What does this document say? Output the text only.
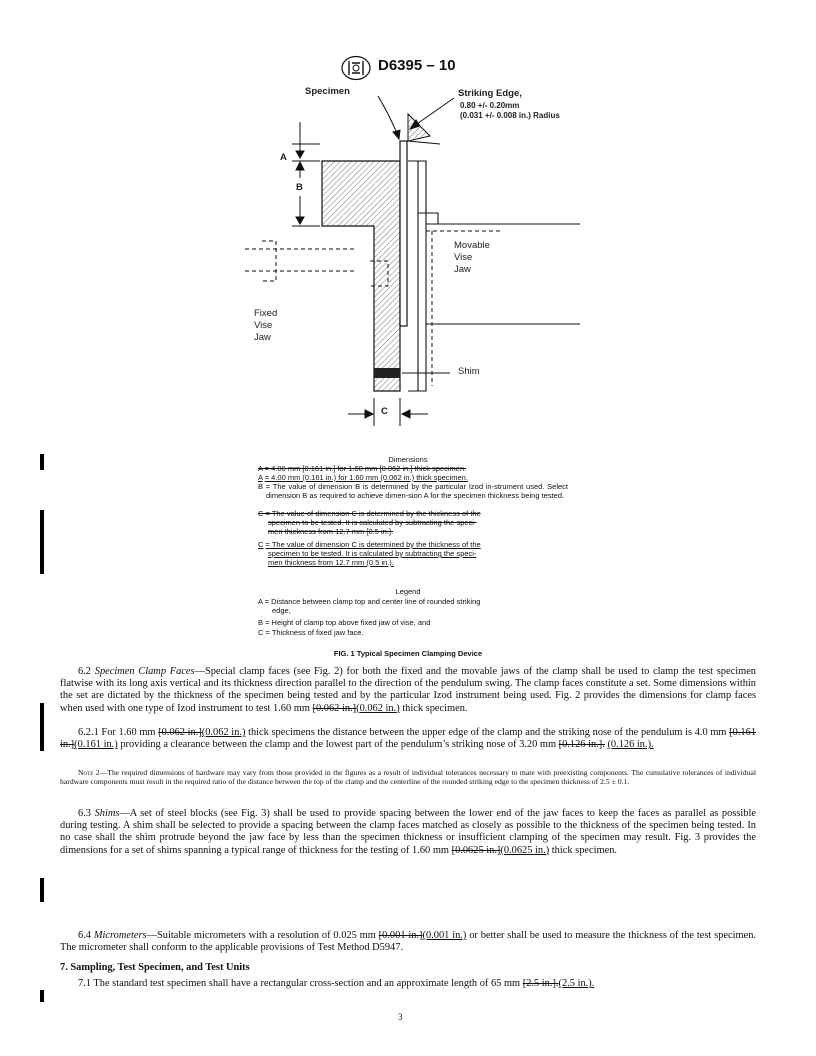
D6395 – 10
Specimen	Striking Edge,
0.80 +/- 0.20mm
(0.031 +/- 0.008 in.) Radius
A
B
C
Movable
Vise
Jaw
Fixed
Vise
Jaw
Shim
Dimensions
A = 4.00 mm [0.161 in.] for 1.60 mm [0.062 in.] thick specimen.
A = 4.00 mm (0.161 in.) for 1.60 mm (0.062 in.) thick specimen.
B = The value of dimension B is determined by the particular Izod in-strument used. Select dimension B as required to achieve dimen-sion A for the specimen thickness being tested.
C = The value of dimension C is determined by the thickness of the
specimen to be tested. It is calculated by subtracting the speci-
men thickness from 12.7 mm [0.5 in.].
C = The value of dimension C is determined by the thickness of the
specimen to be tested. It is calculated by subtracting the speci-
men thickness from 12.7 mm (0.5 in.).
Legend
A = Distance between clamp top and center line of rounded striking
edge,
B = Height of clamp top above fixed jaw of vise, and
C = Thickness of fixed jaw face.
FIG. 1 Typical Specimen Clamping Device
6.2 Specimen Clamp Faces—Special clamp faces (see Fig. 2) for both the fixed and the movable jaws of the clamp shall be used to clamp the test specimen flatwise with its long axis vertical and its thickness direction parallel to the direction of the pendulum swing. The clamp faces constitute a set. Some dimensions within the set are dictated by the thickness of the specimen being tested and by the particular Izod instrument being used. Fig. 2 provides the dimensions for clamp faces when used with one type of Izod instrument to test 1.60 mm [0.062 in.](0.062 in.) thick specimen.
6.2.1 For 1.60 mm [0.062 in.](0.062 in.) thick specimens the distance between the upper edge of the clamp and the striking nose of the pendulum is 4.0 mm [0.161 in.](0.161 in.) providing a clearance between the clamp and the lowest part of the pendulum’s striking nose of 3.20 mm [0.126 in.]. (0.126 in.).
Note 2—The required dimensions of hardware may vary from those provided in the figures as a result of individual tolerances necessary to mate with preexisting components. The cumulative tolerances of individual hardware components must result in the required ratio of the distance between the top of the clamp and the centerline of the rounded striking edge to the specimen thickness of 2.5 ± 0.1.
6.3 Shims—A set of steel blocks (see Fig. 3) shall be used to provide spacing between the lower end of the jaw faces to keep the faces as parallel as possible during testing. A shim shall be selected to provide a spacing between the clamp faces matched as closely as possible to the thickness of the specimen being tested. In no case shall the shim protrude beyond the jaw face by less than the specimen thickness or insufficient clamping of the specimen may result. Fig. 3 provides the dimensions for a set of shims spanning a typical range of thickness for the testing of 1.60 mm [0.0625 in.](0.0625 in.) thick specimen.
6.4 Micrometers—Suitable micrometers with a resolution of 0.025 mm [0.001 in.](0.001 in.) or better shall be used to measure the thickness of the test specimen. The micrometer shall conform to the applicable provisions of Test Method D5947.
7. Sampling, Test Specimen, and Test Units
7.1 The standard test specimen shall have a rectangular cross-section and an approximate length of 65 mm [2.5 in.].(2.5 in.).
3
